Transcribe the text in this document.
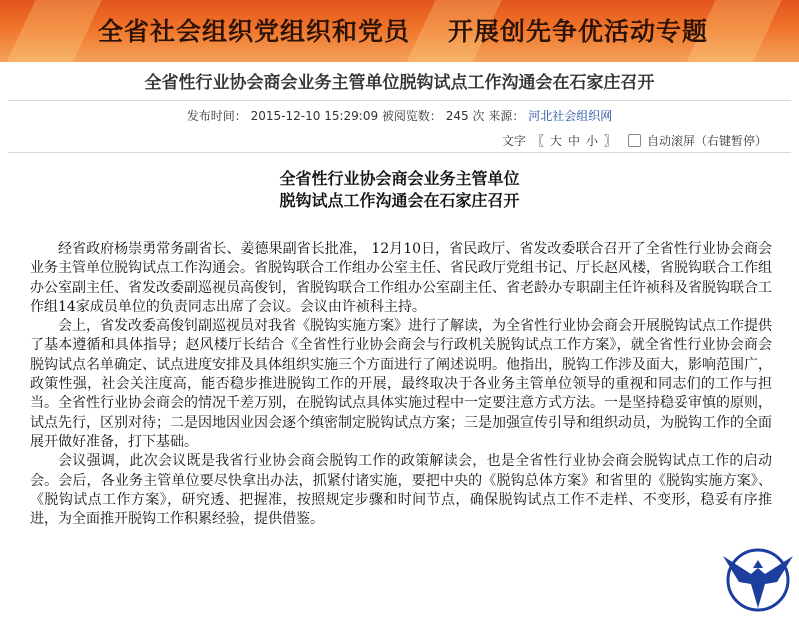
全省社会组织党组织和党员 开展创先争优活动专题
全省性行业协会商会业务主管单位脱钩试点工作沟通会在石家庄召开
发布时间： 2015-12-10 15:29:09 被阅览数： 245 次 来源： 河北社会组织网
文字 〖 大 中 小 〗	自动滚屏（右键暂停）
全省性行业协会商会业务主管单位
脱钩试点工作沟通会在石家庄召开

经省政府杨崇勇常务副省长、姜德果副省长批准， 12月10日，省民政厅、省发改委联合召开了全省性行业协会商会业务主管单位脱钩试点工作沟通会。省脱钩联合工作组办公室主任、省民政厅党组书记、厅长赵风楼，省脱钩联合工作组办公室副主任、省发改委副巡视员高俊钊，省脱钩联合工作组办公室副主任、省老龄办专职副主任许祯科及省脱钩联合工作组14家成员单位的负责同志出席了会议。会议由许祯科主持。

会上，省发改委高俊钊副巡视员对我省《脱钩实施方案》进行了解读，为全省性行业协会商会开展脱钩试点工作提供了基本遵循和具体指导；赵风楼厅长结合《全省性行业协会商会与行政机关脱钩试点工作方案》，就全省性行业协会商会脱钩试点名单确定、试点进度安排及具体组织实施三个方面进行了阐述说明。他指出，脱钩工作涉及面大，影响范围广，政策性强，社会关注度高，能否稳步推进脱钩工作的开展，最终取决于各业务主管单位领导的重视和同志们的工作与担当。全省性行业协会商会的情况千差万别，在脱钩试点具体实施过程中一定要注意方式方法。一是坚持稳妥审慎的原则，试点先行，区别对待；二是因地因业因会逐个缜密制定脱钩试点方案；三是加强宣传引导和组织动员，为脱钩工作的全面展开做好准备，打下基础。

会议强调，此次会议既是我省行业协会商会脱钩工作的政策解读会，也是全省性行业协会商会脱钩试点工作的启动会。会后，各业务主管单位要尽快拿出办法，抓紧付诸实施，要把中央的《脱钩总体方案》和省里的《脱钩实施方案》、《脱钩试点工作方案》，研究透、把握准，按照规定步骤和时间节点，确保脱钩试点工作不走样、不变形，稳妥有序推进，为全面推开脱钩工作积累经验，提供借鉴。
